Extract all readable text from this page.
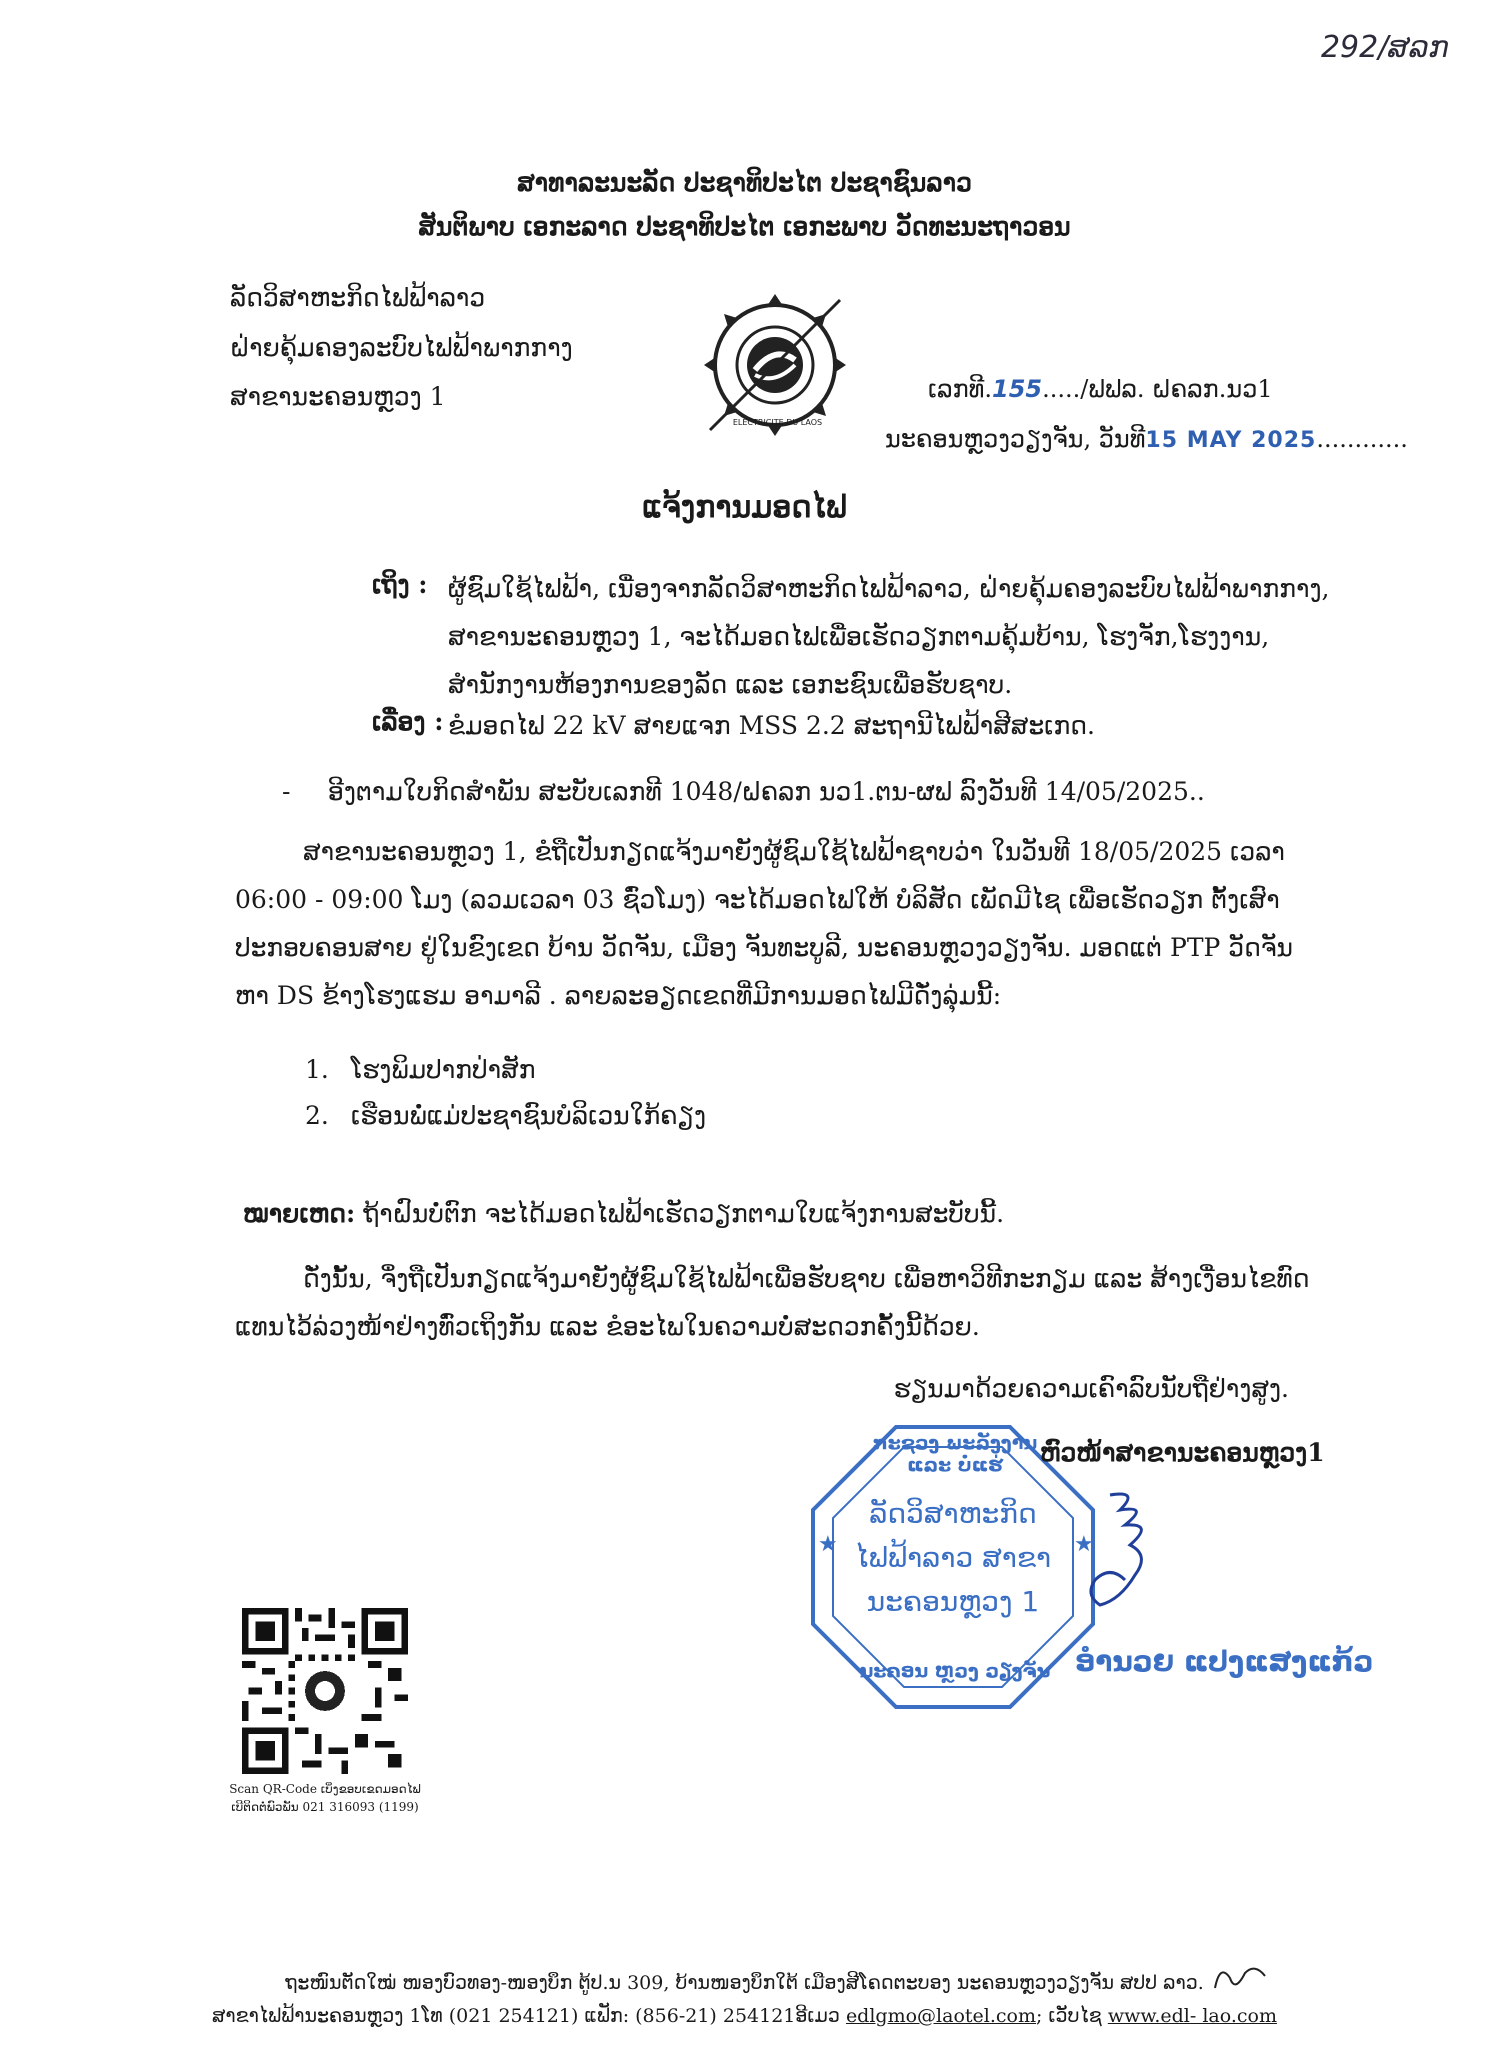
292/ສລກ
ສາທາລະນະລັດ ປະຊາທິປະໄຕ ປະຊາຊົນລາວ
ສັນຕິພາບ ເອກະລາດ ປະຊາທິປະໄຕ ເອກະພາບ ວັດທະນະຖາວອນ
ລັດວິສາຫະກິດໄຟຟ້າລາວ
ຝ່າຍຄຸ້ມຄອງລະບົບໄຟຟ້າພາກກາງ
ສາຂານະຄອນຫຼວງ 1
ELECTRICITE DU LAOS
ເລກທີ.155...../ຟຟລ. ຝຄລກ.ນວ1
ນະຄອນຫຼວງວຽງຈັນ, ວັນທີ15 MAY 2025............
ແຈ້ງການມອດໄຟ
ເຖິງ : ຜູ້ຊົມໃຊ້ໄຟຟ້າ, ເນື່ອງຈາກລັດວິສາຫະກິດໄຟຟ້າລາວ, ຝ່າຍຄຸ້ມຄອງລະບົບໄຟຟ້າພາກກາງ,
ສາຂານະຄອນຫຼວງ 1, ຈະໄດ້ມອດໄຟເພື່ອເຮັດວຽກຕາມຄຸ້ມບ້ານ, ໂຮງຈັກ,ໂຮງງານ,
ສຳນັກງານຫ້ອງການຂອງລັດ ແລະ ເອກະຊົນເພື່ອຮັບຊາບ.
ເລື່ອງ : ຂໍມອດໄຟ 22 kV ສາຍແຈກ MSS 2.2 ສະຖານີໄຟຟ້າສີສະເກດ.
- ອີງຕາມໃບກິດສຳພັນ ສະບັບເລກທີ 1048/ຝຄລກ ນວ1.ຕນ-ຜຟ ລົງວັນທີ 14/05/2025..
ສາຂານະຄອນຫຼວງ 1, ຂໍຖືເປັນກຽດແຈ້ງມາຍັງຜູ້ຊົມໃຊ້ໄຟຟ້າຊາບວ່າ ໃນວັນທີ 18/05/2025 ເວລາ
06:00 - 09:00 ໂມງ (ລວມເວລາ 03 ຊົ່ວໂມງ) ຈະໄດ້ມອດໄຟໃຫ້ ບໍລິສັດ ເພັດມີໄຊ ເພື່ອເຮັດວຽກ ຕັ້ງເສົາ
ປະກອບຄອນສາຍ ຢູ່ໃນຂົງເຂດ ບ້ານ ວັດຈັນ, ເມືອງ ຈັນທະບູລີ, ນະຄອນຫຼວງວຽງຈັນ. ມອດແຕ່ PTP ວັດຈັນ
ຫາ DS ຂ້າງໂຮງແຮມ ອາມາລີ . ລາຍລະອຽດເຂດທີ່ມີການມອດໄຟມີດັ່ງລຸ່ມນີ້:
1. ໂຮງພິມປາກປ່າສັກ
2. ເຮືອນພໍ່ແມ່ປະຊາຊົນບໍລິເວນໃກ້ຄຽງ
ໝາຍເຫດ: ຖ້າຝົນບໍ່ຕົກ ຈະໄດ້ມອດໄຟຟ້າເຮັດວຽກຕາມໃບແຈ້ງການສະບັບນີ້.
ດັ່ງນັ້ນ, ຈຶ່ງຖືເປັນກຽດແຈ້ງມາຍັງຜູ້ຊົມໃຊ້ໄຟຟ້າເພື່ອຮັບຊາບ ເພື່ອຫາວິທີກະກຽມ ແລະ ສ້າງເງື່ອນໄຂທົດ
ແທນໄວ້ລ່ວງໜ້າຢ່າງທົ່ວເຖິງກັນ ແລະ ຂໍອະໄພໃນຄວາມບໍ່ສະດວກຄັ້ງນີ້ດ້ວຍ.
ຮຽນມາດ້ວຍຄວາມເຄົາລົບນັບຖືຢ່າງສູງ.
ກະຊວງ ພະລັງງານ ແລະ ບໍ່ແຮ່
ລັດວິສາຫະກິດ
ໄຟຟ້າລາວ ສາຂາ
ນະຄອນຫຼວງ 1
★	★
ນະຄອນ ຫຼວງ ວຽງຈັນ
ຫົວໜ້າສາຂານະຄອນຫຼວງ1
ອຳນວຍ ແປງແສງແກ້ວ
Scan QR-Code ເບິ່ງຂອບເຂດມອດໄຟ
ເບີຕິດຕໍ່ພົວພັນ 021 316093 (1199)
ຖະໜົນຕັດໃໝ່ ໜອງບົວທອງ-ໜອງບຶກ ຕູ້ປ.ນ 309, ບ້ານໜອງບຶກໃຕ້ ເມືອງສີໂຄດຕະບອງ ນະຄອນຫຼວງວຽງຈັນ ສປປ ລາວ.
ສາຂາໄຟຟ້ານະຄອນຫຼວງ 1ໂທ (021 254121) ແຟັກ: (856-21) 254121ອີເມວ edlgmo@laotel.com; ເວັບໄຊ www.edl- lao.com
